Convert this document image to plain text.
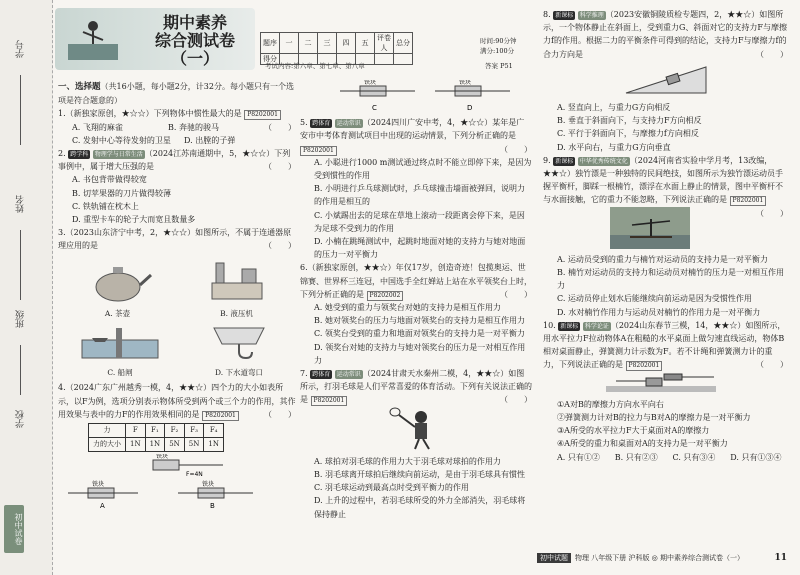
学号
姓名
班级
学校
初中试卷
期中素养
综合测试卷（一）
题序	一	二	三	四	五	评卷人	总分
得分							
时间:90分钟
满分:100分
考试内容:第六章、第七章、第八章	答案 P51

一、选择题（共16小题，每小题2分，计32分。每小题只有一个选项是符合题意的）

1.（新独家原创，★☆☆）下列物体中惯性最大的是 P8202001
（　　）

A. 飞翔的麻雀	B. 奔驰的骏马
C. 发射中心等待发射的卫星	D. 出膛的子弹

2. 跨学科 物理学与日常生活 （2024江苏南通期中，5，★☆☆）下列事例中，属于增大压强的是	（　　）

A. 书包背带做得较宽
B. 切苹果器的刀片做得较薄
C. 铁轨铺在枕木上
D. 重型卡车的轮子大而宽且数量多

3.（2023山东济宁中考，2，★☆☆）如图所示，不属于连通器原理应用的是	（　　）

A. 茶壶	B. 液压机
C. 船闸	D. 下水道弯口

4.（2024广东广州越秀一模，4，★★☆）四个力的大小如表所示，以F为例，选项分别表示物体所受到两个或三个力的作用，其作用效果与表中的力F的作用效果相同的是 P8202001	（　　）

力	F	F₁	F₂	F₃	F₄
力的大小	1N	1N	5N	5N	1N
铁块
F=4N
铁块	铁块
A	B
铁块	铁块
C	D

5. 跨体育 运动常识 （2024四川广安中考，4，★☆☆）某年是广安市中考体育测试项目中出现的运动情景，下列分析正确的是 P8202001	（　　）

A. 小聪进行1000 m测试通过终点时不能立即停下来，是因为受到惯性的作用
B. 小明进行乒乓球测试时，乒乓球撞击墙面被弹回，说明力的作用是相互的
C. 小斌踢出去的足球在草地上滚动一段距离会停下来，是因为足球不受到力的作用
D. 小楠在跳绳测试中，起跳时地面对她的支持力与她对地面的压力一对平衡力

6.（新独家原创，★★☆）年仅17岁，创造奇迹！包揽奥运、世锦赛、世界杯三连冠，中国选手全红婵站上站在水平领奖台上时，下列分析正确的是 P8202002	（　　）

A. 她受到的重力与领奖台对她的支持力是相互作用力
B. 她对领奖台的压力与地面对领奖台的支持力是相互作用力
C. 领奖台受到的重力和地面对领奖台的支持力是一对平衡力
D. 领奖台对她的支持力与她对领奖台的压力是一对相互作用力

7. 跨体育 运动常识 （2024甘肃天水秦州二模，4，★★☆）如图所示，打羽毛球是人们平常喜爱的体育活动。下列有关说法正确的是 P8202001	（　　）

A. 球拍对羽毛球的作用力大于羽毛球对球拍的作用力
B. 羽毛球离开球拍后继续向前运动，是由于羽毛球具有惯性
C. 羽毛球运动到最高点时受到平衡力的作用
D. 上升的过程中，若羽毛球所受的外力全部消失，羽毛球将保持静止

8. 新课标 科学推理 （2023安徽铜陵质检专题四，2，★★☆）如图所示，一个物体静止在斜面上，受到重力G、斜面对它的支持力F与摩擦力f的作用。根据二力的平衡条件可得到的结论，支持力F与摩擦力f的合力方向是	（　　）

A. 竖直向上，与重力G方向相反
B. 垂直于斜面向下，与支持力F方向相反
C. 平行于斜面向下，与摩擦力f方向相反
D. 水平向右，与重力G方向垂直

9. 新课标 中华优秀传统文化 （2024河南省实验中学月考，13改编，★★☆）独竹漂是一种独特的民间绝技，如图所示为独竹漂运动员手握平衡杆，脚踩一根楠竹，漂浮在水面上静止的情景，图中平衡杆不与水面接触，它的重力不能忽略，下列说法正确的是 P8202001
（　　）

A. 运动员受到的重力与楠竹对运动员的支持力是一对平衡力
B. 楠竹对运动员的支持力和运动员对楠竹的压力是一对相互作用力
C. 运动员停止划水后能继续向前运动是因为受惯性作用
D. 水对楠竹作用力与运动员对楠竹的作用力是一对平衡力

10. 新课标 科学论证 （2024山东春节三模，14，★★☆）如图所示，用水平拉力F拉动物体A在粗糙的水平桌面上做匀速直线运动，物体B相对桌面静止，弹簧测力计示数为F。若不计绳和弹簧测力计的重力，下列说法正确的是 P8202001	（　　）

①A对B的摩擦力方向水平向右
②弹簧测力计对B的拉力与B对A的摩擦力是一对平衡力
③A所受的水平拉力F大于桌面对A的摩擦力
④A所受的重力和桌面对A的支持力是一对平衡力
A. 只有①②	B. 只有②③	C. 只有③④	D. 只有①③④
初中试题	物理 八年级下册 沪科版 ◎ 期中素养综合测试卷（一）	11
